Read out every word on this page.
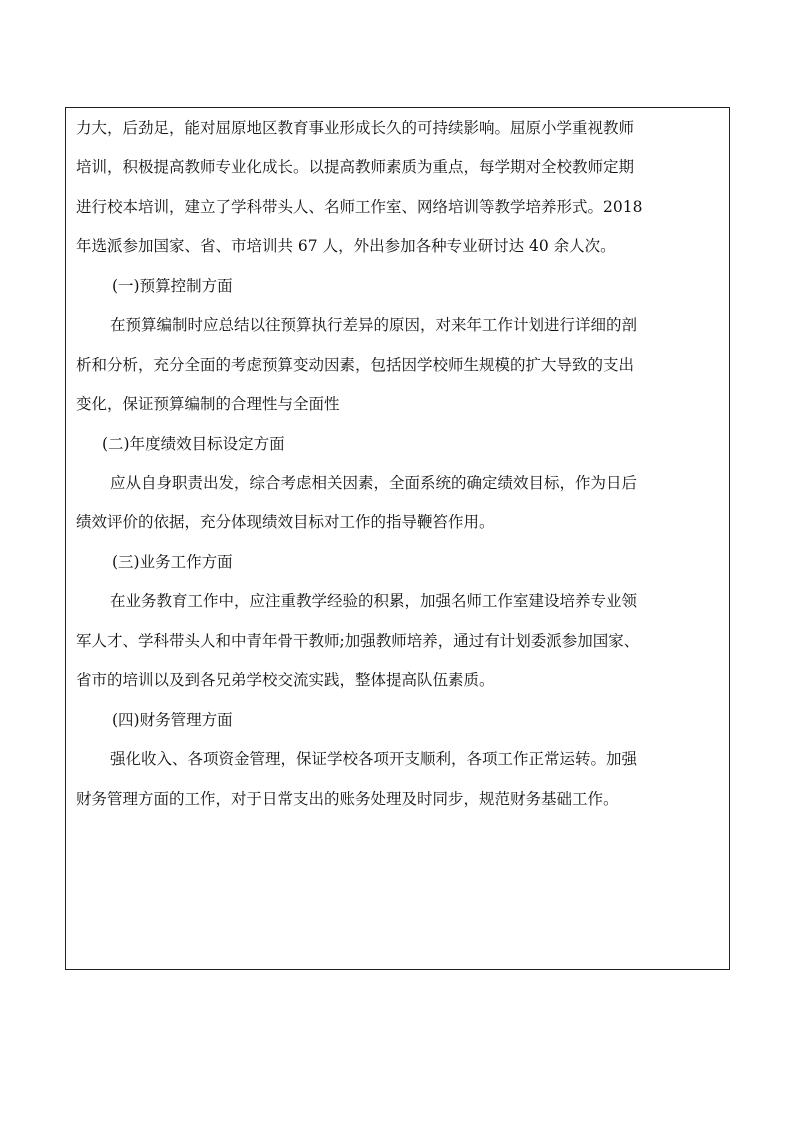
力大，后劲足，能对屈原地区教育事业形成长久的可持续影响。屈原小学重视教师
培训，积极提高教师专业化成长。以提高教师素质为重点，每学期对全校教师定期
进行校本培训，建立了学科带头人、名师工作室、网络培训等教学培养形式。2018
年选派参加国家、省、市培训共 67 人，外出参加各种专业研讨达 40 余人次。
(一)预算控制方面
在预算编制时应总结以往预算执行差异的原因，对来年工作计划进行详细的剖
析和分析，充分全面的考虑预算变动因素，包括因学校师生规模的扩大导致的支出
变化，保证预算编制的合理性与全面性
(二)年度绩效目标设定方面
应从自身职责出发，综合考虑相关因素，全面系统的确定绩效目标，作为日后
绩效评价的依据，充分体现绩效目标对工作的指导鞭笞作用。
(三)业务工作方面
在业务教育工作中，应注重教学经验的积累，加强名师工作室建设培养专业领
军人才、学科带头人和中青年骨干教师;加强教师培养，通过有计划委派参加国家、
省市的培训以及到各兄弟学校交流实践，整体提高队伍素质。
(四)财务管理方面
强化收入、各项资金管理，保证学校各项开支顺利，各项工作正常运转。加强
财务管理方面的工作，对于日常支出的账务处理及时同步，规范财务基础工作。
